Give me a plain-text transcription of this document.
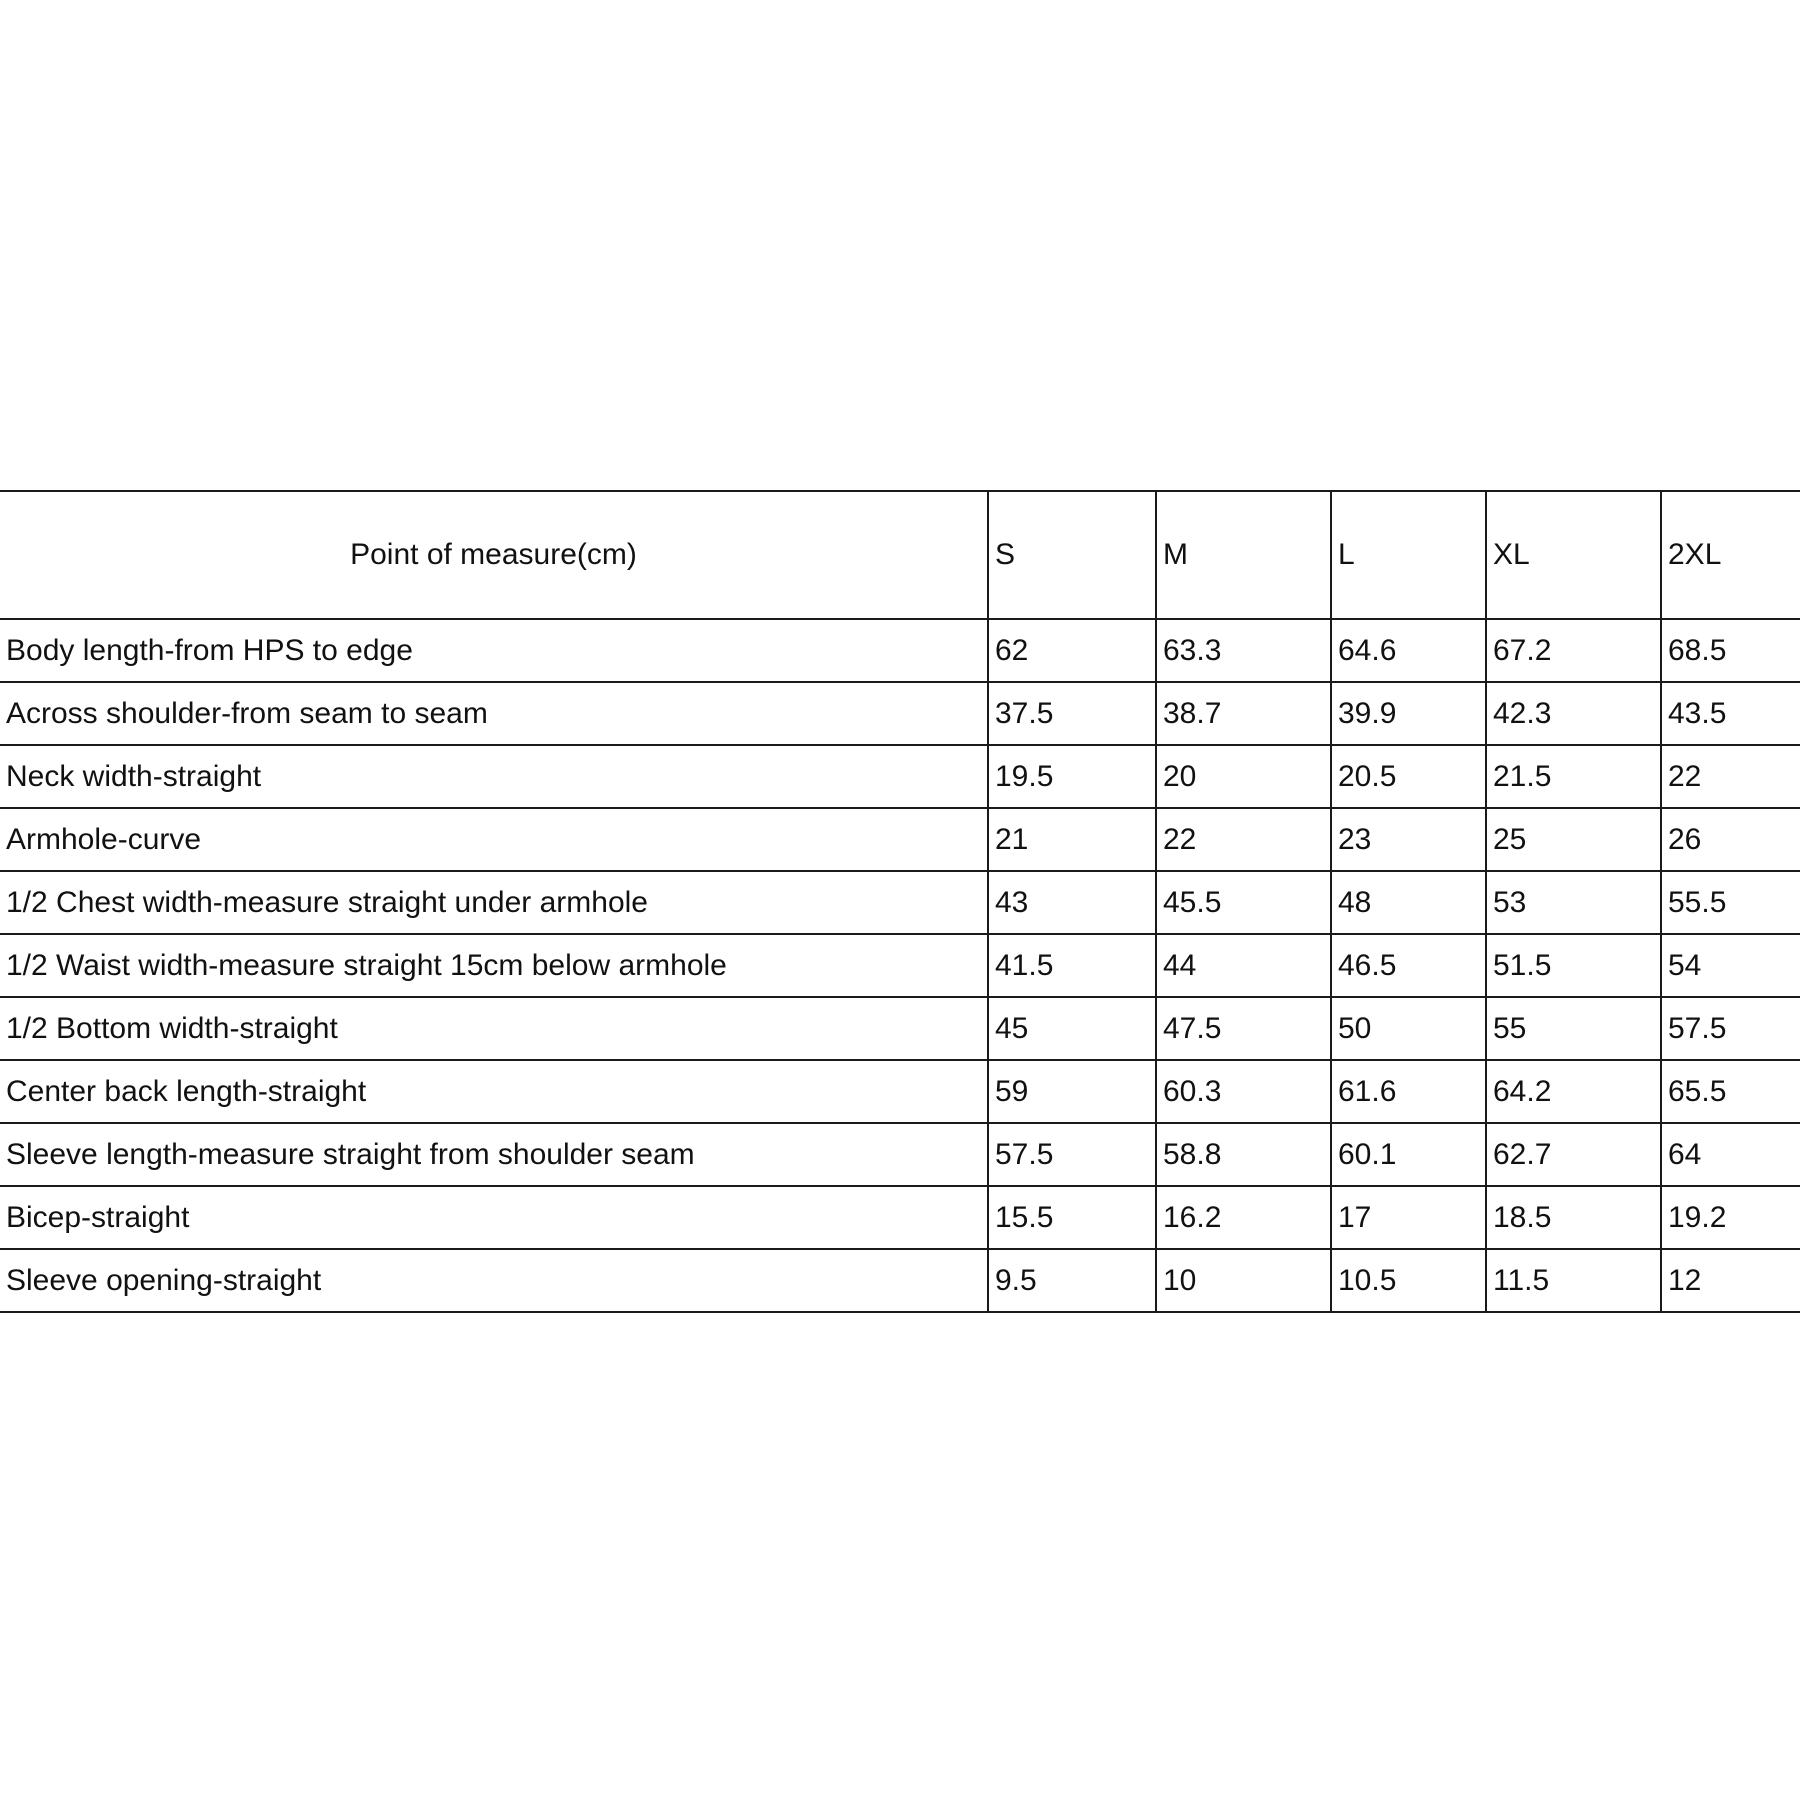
Point of measure(cm)	S	M	L	XL	2XL
Body length-from HPS to edge	62	63.3	64.6	67.2	68.5
Across shoulder-from seam to seam	37.5	38.7	39.9	42.3	43.5
Neck width-straight	19.5	20	20.5	21.5	22
Armhole-curve	21	22	23	25	26
1/2 Chest width-measure straight under armhole	43	45.5	48	53	55.5
1/2 Waist width-measure straight 15cm below armhole	41.5	44	46.5	51.5	54
1/2 Bottom width-straight	45	47.5	50	55	57.5
Center back length-straight	59	60.3	61.6	64.2	65.5
Sleeve length-measure straight from shoulder seam	57.5	58.8	60.1	62.7	64
Bicep-straight	15.5	16.2	17	18.5	19.2
Sleeve opening-straight	9.5	10	10.5	11.5	12
